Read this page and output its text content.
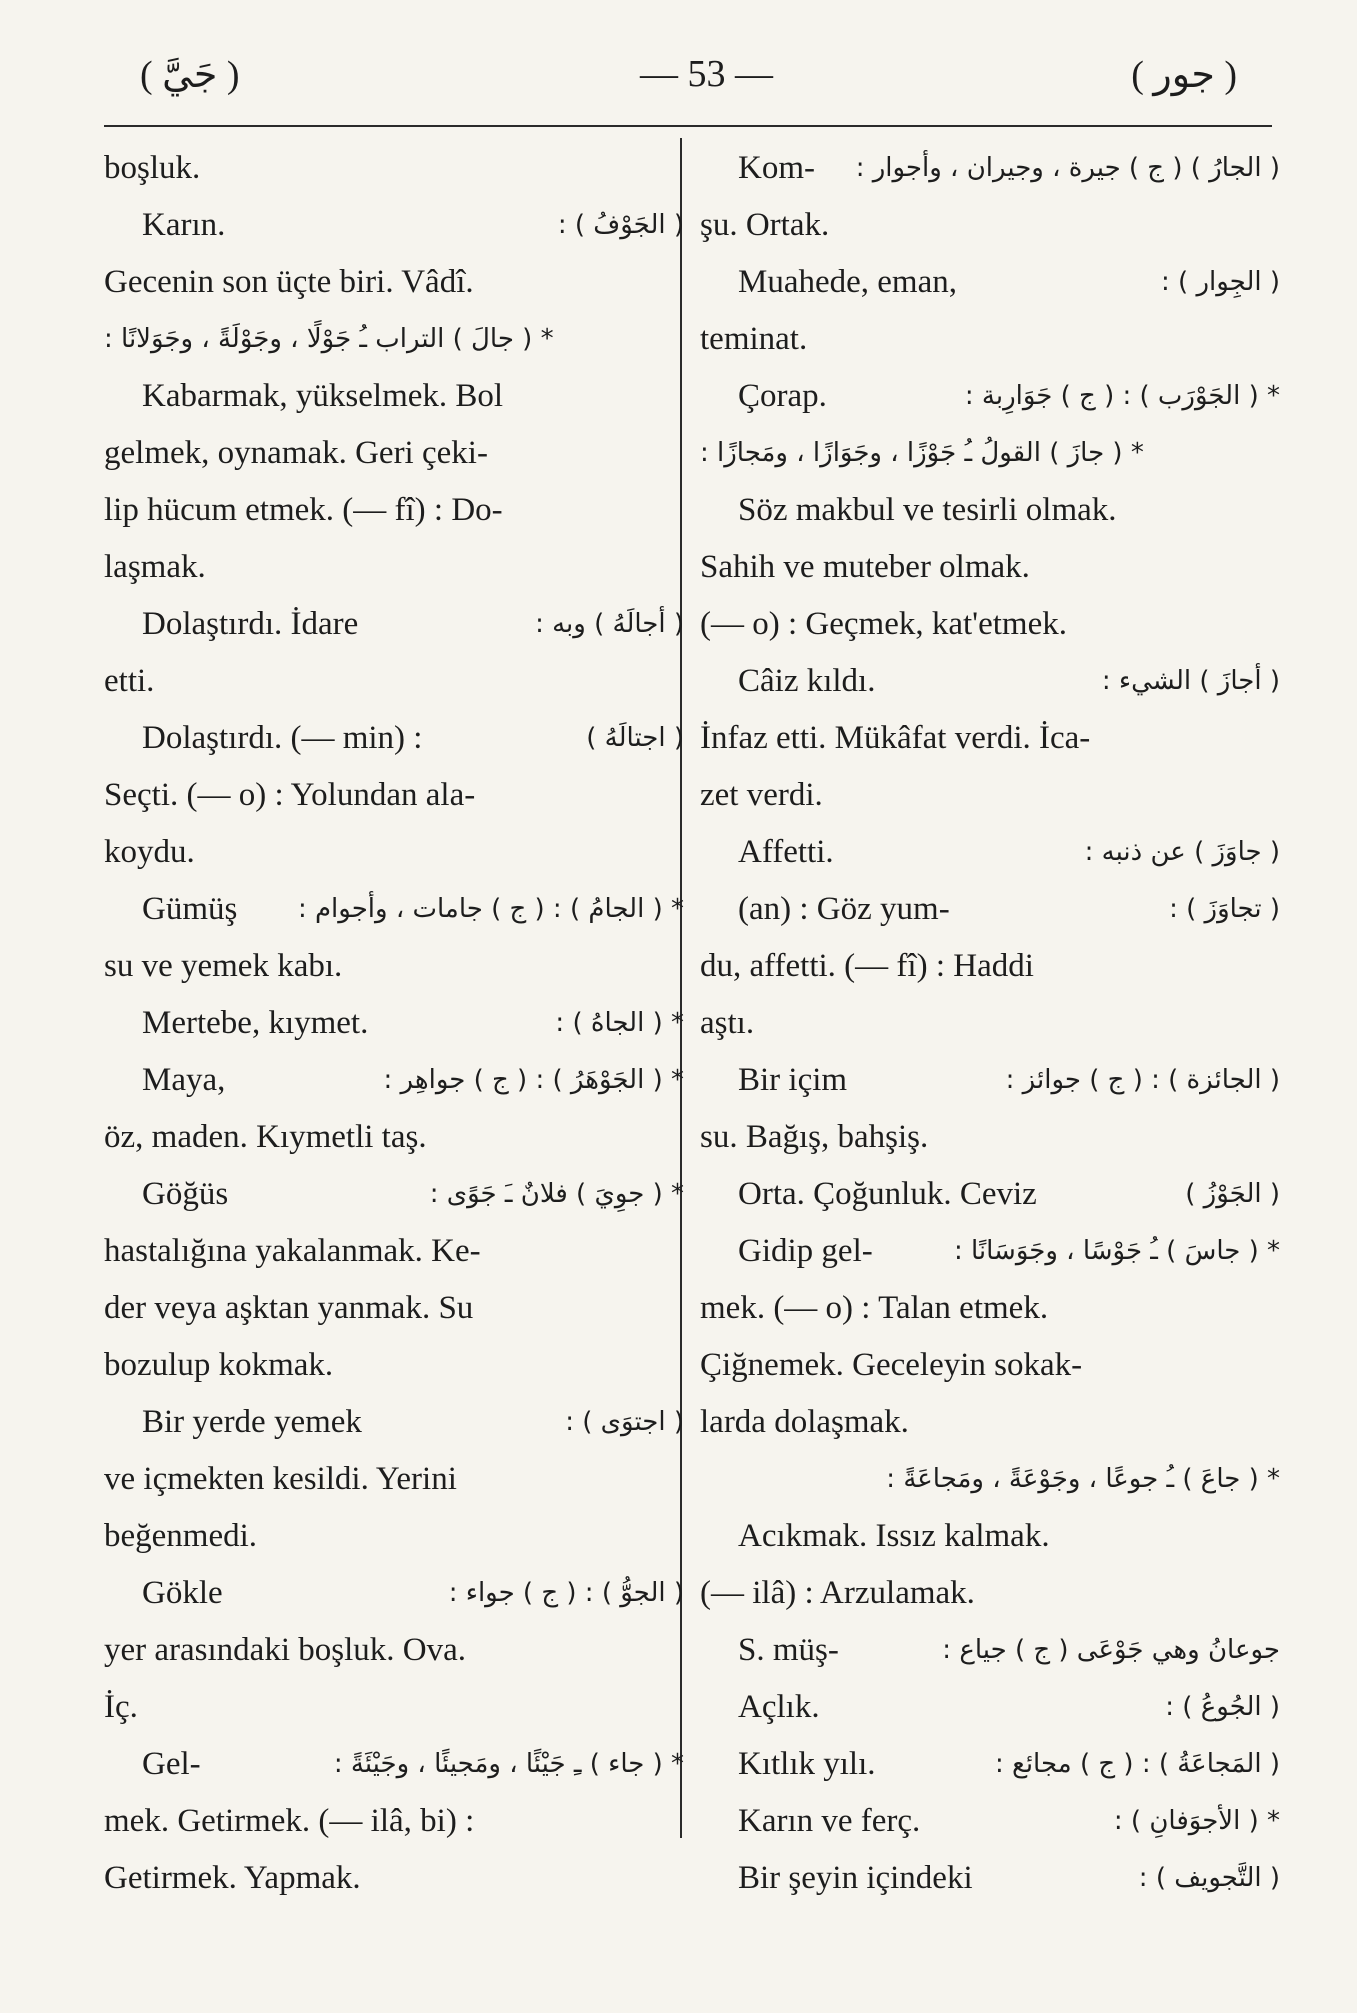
( جَيَّ )	— 53 —	( جور )
boşluk.
Karın.	( الجَوْفُ ) :
Gecenin son üçte biri. Vâdî.
* ( جالَ ) التراب ـُ جَوْلًا ، وجَوْلَةً ، وجَوَلانًا :
Kabarmak, yükselmek. Bol
gelmek, oynamak. Geri çeki-
lip hücum etmek. (— fî) : Do-
laşmak.
Dolaştırdı. İdare	( أجالَهُ ) وبه :
etti.
Dolaştırdı. (— min) :	( اجتالَهُ )
Seçti. (— o) : Yolundan ala-
koydu.
Gümüş * ( الجامُ ) : ( ج ) جامات ، وأجوام :
su ve yemek kabı.
Mertebe, kıymet.	* ( الجاهُ ) :
Maya,	* ( الجَوْهَرُ ) : ( ج ) جواهِر :
öz, maden. Kıymetli taş.
Göğüs	* ( جوِيَ ) فلانٌ ـَ جَوًى :
hastalığına yakalanmak. Ke-
der veya aşktan yanmak. Su
bozulup kokmak.
Bir yerde yemek	( اجتوَى ) :
ve içmekten kesildi. Yerini
beğenmedi.
Gökle	( الجوُّ ) : ( ج ) جواء :
yer arasındaki boşluk. Ova.
İç.
Gel-	* ( جاء ) ـِ جَيْئًا ، ومَجيئًا ، وجَيْئَةً :
mek. Getirmek. (— ilâ, bi) :
Getirmek. Yapmak.
Kom- ( الجارُ ) ( ج ) جيرة ، وجيران ، وأجوار :
şu. Ortak.
Muahede, eman,	( الجِوار ) :
teminat.
Çorap.	* ( الجَوْرَب ) : ( ج ) جَوَارِبة :
* ( جازَ ) القولُ ـُ جَوْزًا ، وجَوَازًا ، ومَجازًا :
Söz makbul ve tesirli olmak.
Sahih ve muteber olmak.
(— o) : Geçmek, kat'etmek.
Câiz kıldı.	( أجازَ ) الشيء :
İnfaz etti. Mükâfat verdi. İca-
zet verdi.
Affetti.	( جاوَزَ ) عن ذنبه :
(an) : Göz yum-	( تجاوَزَ ) :
du, affetti. (— fî) : Haddi
aştı.
Bir içim	( الجائزة ) : ( ج ) جوائز :
su. Bağış, bahşiş.
Orta. Çoğunluk. Ceviz	( الجَوْزُ )
Gidip gel-	* ( جاسَ ) ـُ جَوْسًا ، وجَوَسَانًا :
mek. (— o) : Talan etmek.
Çiğnemek. Geceleyin sokak-
larda dolaşmak.
* ( جاعَ ) ـُ جوعًا ، وجَوْعَةً ، ومَجاعَةً :
Acıkmak. Issız kalmak.
(— ilâ) : Arzulamak.
S. müş-	جوعانُ وهي جَوْعَى ( ج ) جياع :
Açlık.	( الجُوعُ ) :
Kıtlık yılı.	( المَجاعَةُ ) : ( ج ) مجائع :
Karın ve ferç.	* ( الأجوَفانِ ) :
Bir şeyin içindeki	( التَّجويف ) :
